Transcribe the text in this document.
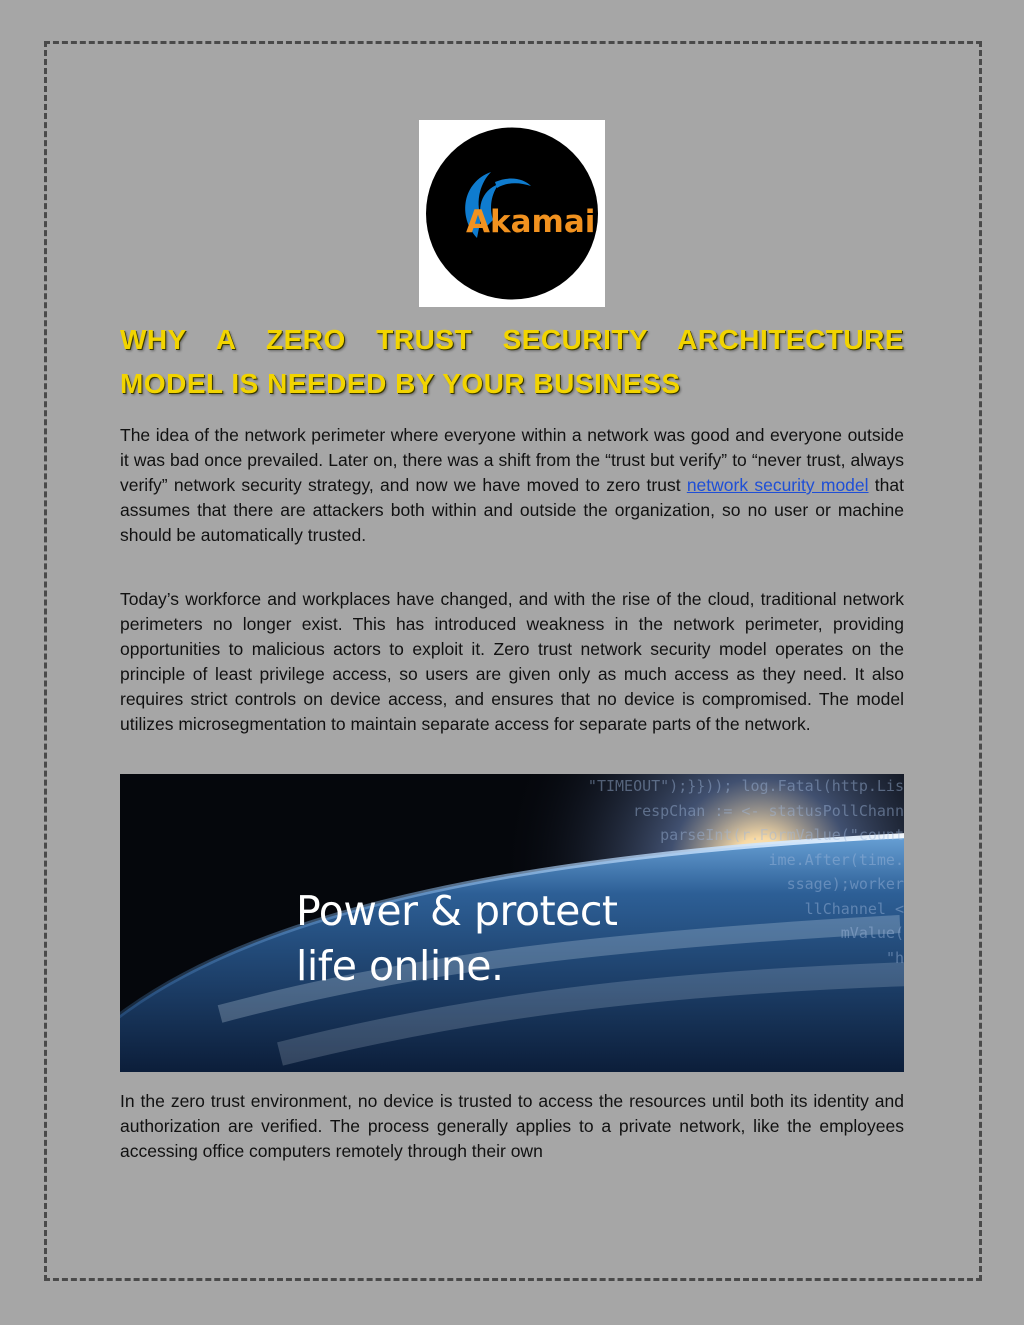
Akamai
WHY A ZERO TRUST SECURITY ARCHITECTURE
MODEL IS NEEDED BY YOUR BUSINESS

The idea of the network perimeter where everyone within a network was good and everyone outside it was bad once prevailed. Later on, there was a shift from the “trust but verify” to “never trust, always verify” network security strategy, and now we have moved to zero trust network security model that assumes that there are attackers both within and outside the organization, so no user or machine should be automatically trusted.

Today’s workforce and workplaces have changed, and with the rise of the cloud, traditional network perimeters no longer exist. This has introduced weakness in the network perimeter, providing opportunities to malicious actors to exploit it. Zero trust network security model operates on the principle of least privilege access, so users are given only as much access as they need. It also requires strict controls on device access, and ensures that no device is compromised. The model utilizes microsegmentation to maintain separate access for separate parts of the network.

"TIMEOUT");}})); log.Fatal(http.Lis
respChan := <- statusPollChann
parseInt(r.FormValue("count
ime.After(time.
ssage);worker
llChannel <
mValue(
"h
Power & protect
life online.

In the zero trust environment, no device is trusted to access the resources until both its identity and authorization are verified. The process generally applies to a private network, like the employees accessing office computers remotely through their own
